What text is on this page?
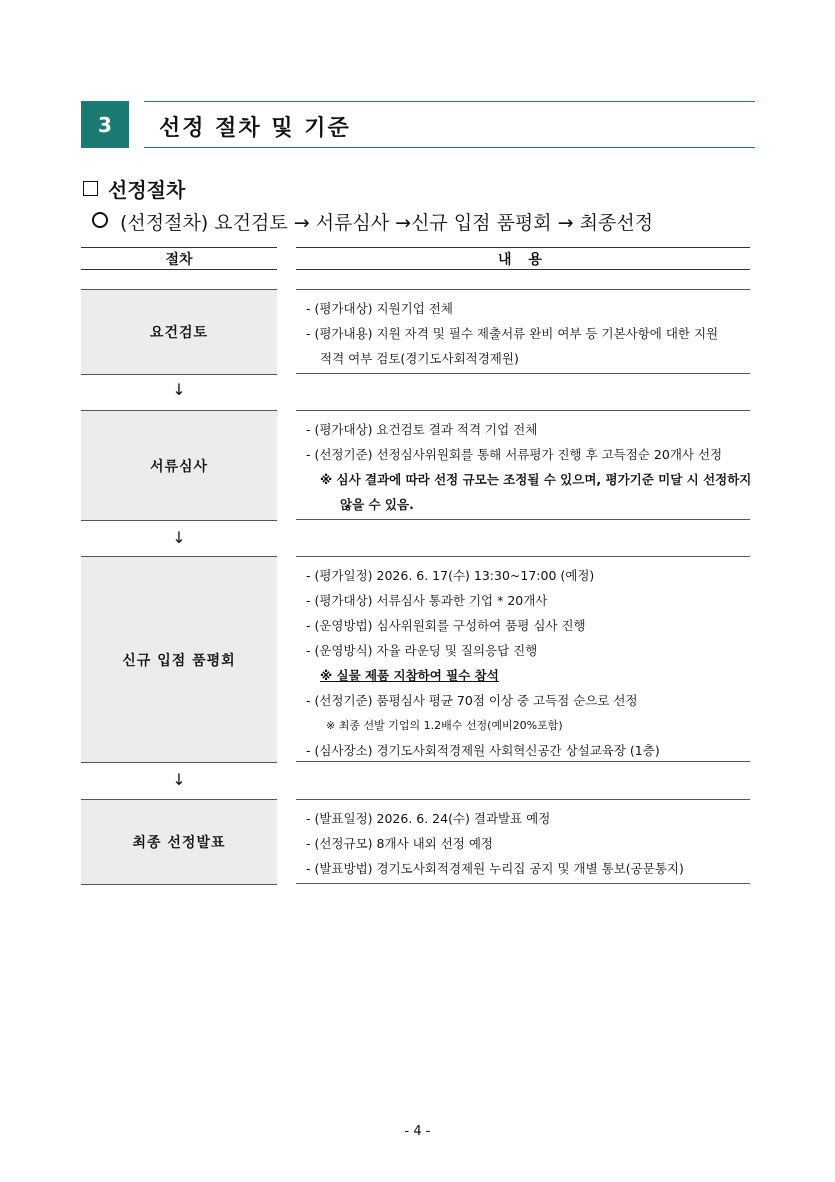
3	선정 절차 및 기준
선정절차
(선정절차) 요건검토 → 서류심사 →신규 입점 품평회 → 최종선정
절차	내 용
요건검토
- (평가대상) 지원기업 전체
- (평가내용) 지원 자격 및 필수 제출서류 완비 여부 등 기본사항에 대한 지원
적격 여부 검토(경기도사회적경제원)
↓
서류심사
- (평가대상) 요건검토 결과 적격 기업 전체
- (선정기준) 선정심사위원회를 통해 서류평가 진행 후 고득점순 20개사 선정
※ 심사 결과에 따라 선정 규모는 조정될 수 있으며, 평가기준 미달 시 선정하지
않을 수 있음.
↓
신규 입점 품평회
- (평가일정) 2026. 6. 17(수) 13:30~17:00 (예정)
- (평가대상) 서류심사 통과한 기업 * 20개사
- (운영방법) 심사위원회를 구성하여 품평 심사 진행
- (운영방식) 자율 라운딩 및 질의응답 진행
※ 실물 제품 지참하여 필수 참석
- (선정기준) 품평심사 평균 70점 이상 중 고득점 순으로 선정
※ 최종 선발 기업의 1.2배수 선정(예비20%포함)
- (심사장소) 경기도사회적경제원 사회혁신공간 상설교육장 (1층)
↓
최종 선정발표
- (발표일정) 2026. 6. 24(수) 결과발표 예정
- (선정규모) 8개사 내외 선정 예정
- (발표방법) 경기도사회적경제원 누리집 공지 및 개별 통보(공문통지)
- 4 -
